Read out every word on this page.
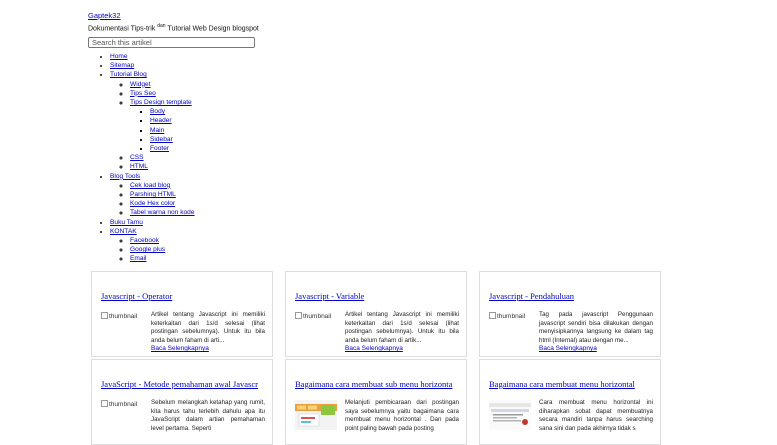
Gaptek32
Dokumentasi Tips-trik $^{dan}$ Tutorial Web Design blogspot
Search this artikel
• Home
• Sitemap
• Tutorial Blog
◦ Widget
◦ Tips Seo
◦ Tips Design template
▪ Body
▪ Header
▪ Main
▪ Sidebar
▪ Footer
◦ CSS
◦ HTML
• Blog Tools
◦ Cek load blog
◦ Parshing HTML
◦ Kode Hex color
◦ Tabel warna non kode
• Buku Tamu
• KONTAK
◦ Facebook
◦ Google plus
◦ Email
Javascript - Operator
thumbnail	Artikel tentang Javascript ini memiliki keterkaitan dari 1s/d selesai (lihat postingan sebelumnya). Untuk itu bila anda belum faham di arti...
Baca Selengkapnya
Javascript - Variable
thumbnail	Artikel tentang Javascript ini memiliki keterkaitan dari 1s/d selesai (lihat postingan sebelumnya). Untuk itu bila anda belum faham di artik...
Baca Selengkapnya
Javascript - Pendahuluan
thumbnail	Tag pada javascript Penggunaan javascript sendiri bisa dilakukan dengan menyisipkannya langsung ke dalam tag html (Internal) atau dengan me...
Baca Selengkapnya
JavaScript - Metode pemahaman awal Javascr
thumbnail	Sebelum melangkah ketahap yang rumit, kita harus tahu terlebih dahulu apa itu JavaScript dalam artian pemahaman level pertama. Seperti
Bagaimana cara membuat sub menu horizonta
Melanjuti pembicaraan dari postingan saya sebelumnya yaitu bagaimana cara membuat menu horizontal . Dan pada point paling bawah pada posting
Bagaimana cara membuat menu horizontal
Cara membuat menu horizontal ini diharapkan sobat dapat membuatnya secara mandiri tanpa harus searching sana sini dan pada akhirnya tidak s
